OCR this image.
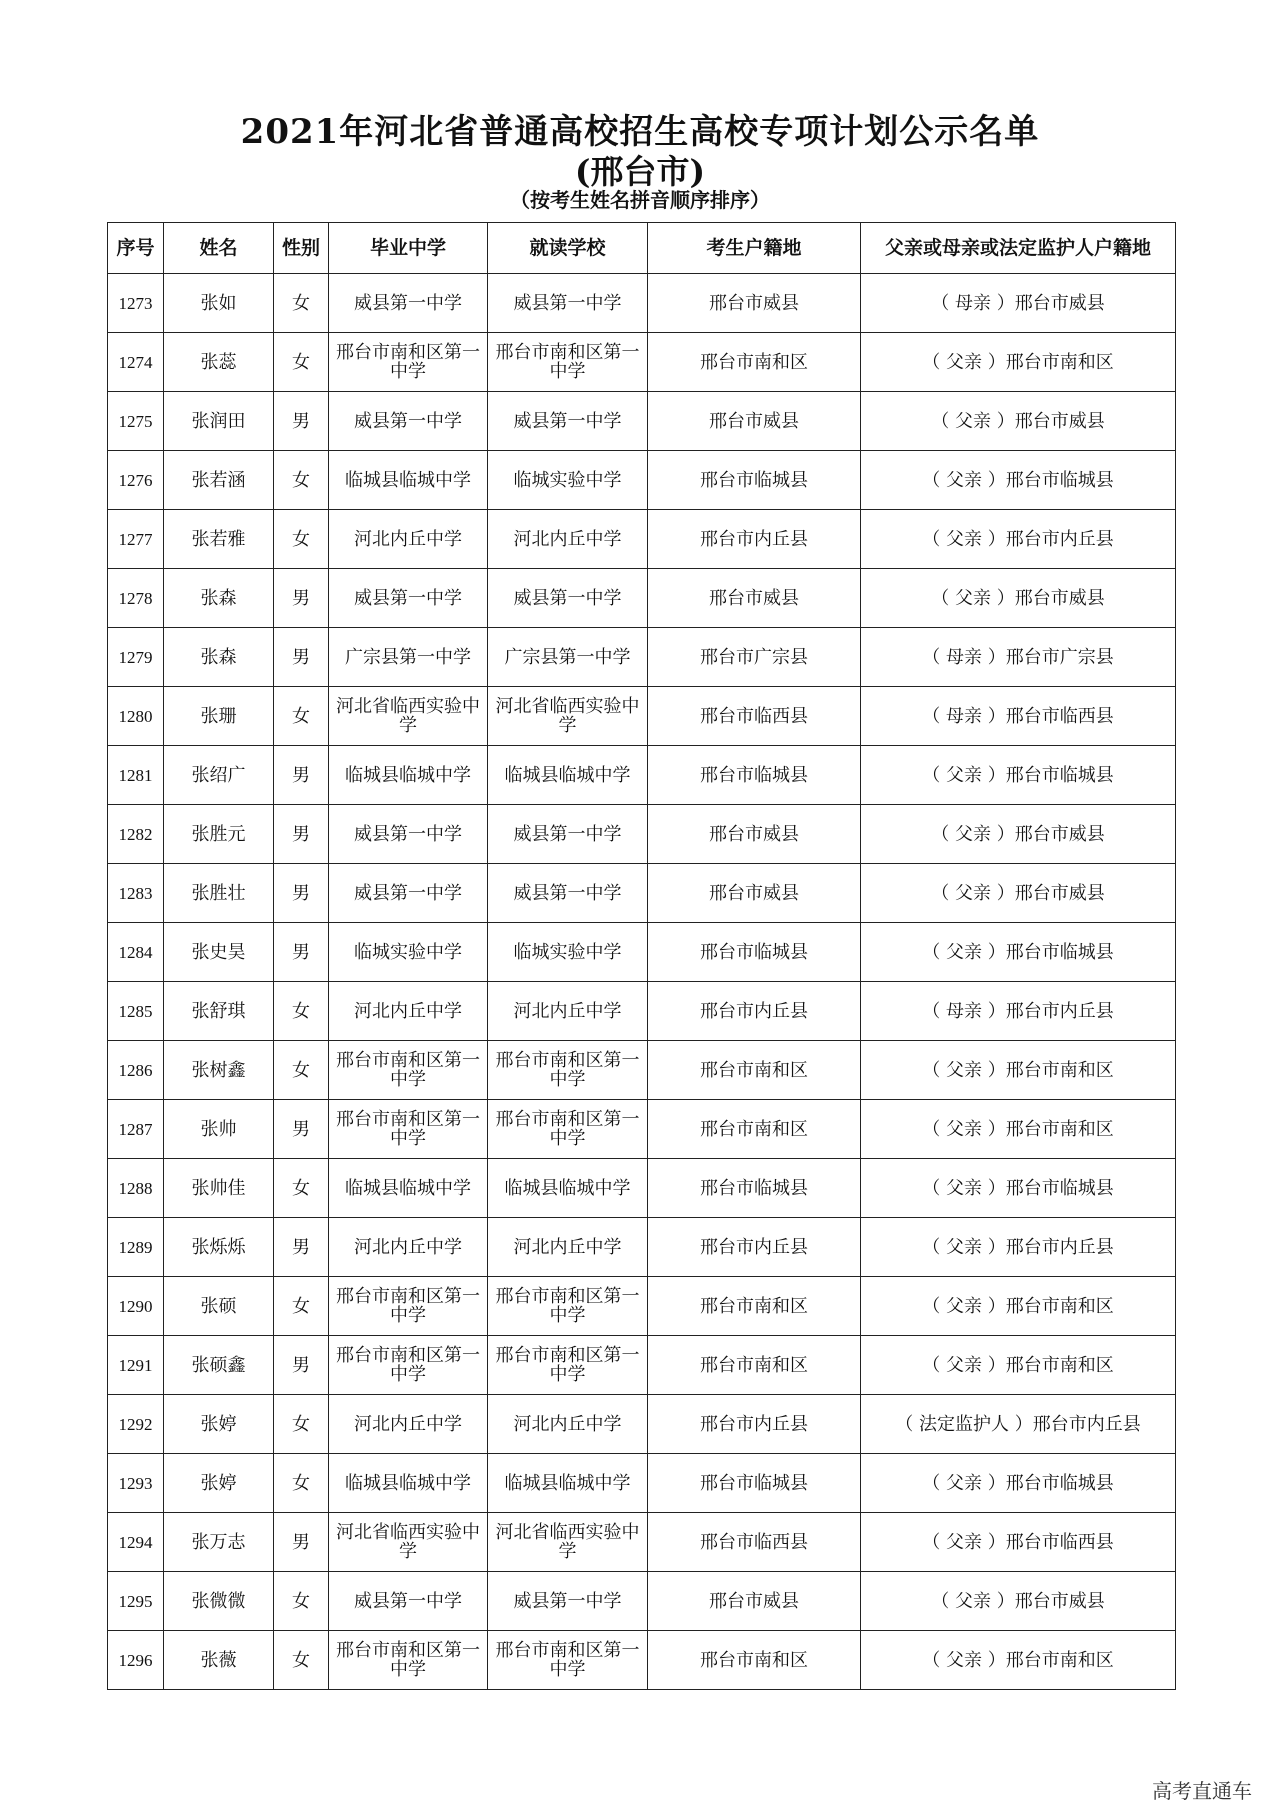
2021年河北省普通高校招生高校专项计划公示名单
(邢台市)
（按考生姓名拼音顺序排序）
序号	姓名	性别	毕业中学	就读学校	考生户籍地	父亲或母亲或法定监护人户籍地
1273	张如	女	威县第一中学	威县第一中学	邢台市威县	（ 母亲 ）邢台市威县
1274	张蕊	女	邢台市南和区第一中学	邢台市南和区第一中学	邢台市南和区	（ 父亲 ）邢台市南和区
1275	张润田	男	威县第一中学	威县第一中学	邢台市威县	（ 父亲 ）邢台市威县
1276	张若涵	女	临城县临城中学	临城实验中学	邢台市临城县	（ 父亲 ）邢台市临城县
1277	张若雅	女	河北内丘中学	河北内丘中学	邢台市内丘县	（ 父亲 ）邢台市内丘县
1278	张森	男	威县第一中学	威县第一中学	邢台市威县	（ 父亲 ）邢台市威县
1279	张森	男	广宗县第一中学	广宗县第一中学	邢台市广宗县	（ 母亲 ）邢台市广宗县
1280	张珊	女	河北省临西实验中学	河北省临西实验中学	邢台市临西县	（ 母亲 ）邢台市临西县
1281	张绍广	男	临城县临城中学	临城县临城中学	邢台市临城县	（ 父亲 ）邢台市临城县
1282	张胜元	男	威县第一中学	威县第一中学	邢台市威县	（ 父亲 ）邢台市威县
1283	张胜壮	男	威县第一中学	威县第一中学	邢台市威县	（ 父亲 ）邢台市威县
1284	张史昊	男	临城实验中学	临城实验中学	邢台市临城县	（ 父亲 ）邢台市临城县
1285	张舒琪	女	河北内丘中学	河北内丘中学	邢台市内丘县	（ 母亲 ）邢台市内丘县
1286	张树鑫	女	邢台市南和区第一中学	邢台市南和区第一中学	邢台市南和区	（ 父亲 ）邢台市南和区
1287	张帅	男	邢台市南和区第一中学	邢台市南和区第一中学	邢台市南和区	（ 父亲 ）邢台市南和区
1288	张帅佳	女	临城县临城中学	临城县临城中学	邢台市临城县	（ 父亲 ）邢台市临城县
1289	张烁烁	男	河北内丘中学	河北内丘中学	邢台市内丘县	（ 父亲 ）邢台市内丘县
1290	张硕	女	邢台市南和区第一中学	邢台市南和区第一中学	邢台市南和区	（ 父亲 ）邢台市南和区
1291	张硕鑫	男	邢台市南和区第一中学	邢台市南和区第一中学	邢台市南和区	（ 父亲 ）邢台市南和区
1292	张婷	女	河北内丘中学	河北内丘中学	邢台市内丘县	（ 法定监护人 ）邢台市内丘县
1293	张婷	女	临城县临城中学	临城县临城中学	邢台市临城县	（ 父亲 ）邢台市临城县
1294	张万志	男	河北省临西实验中学	河北省临西实验中学	邢台市临西县	（ 父亲 ）邢台市临西县
1295	张微微	女	威县第一中学	威县第一中学	邢台市威县	（ 父亲 ）邢台市威县
1296	张薇	女	邢台市南和区第一中学	邢台市南和区第一中学	邢台市南和区	（ 父亲 ）邢台市南和区
高考直通车
